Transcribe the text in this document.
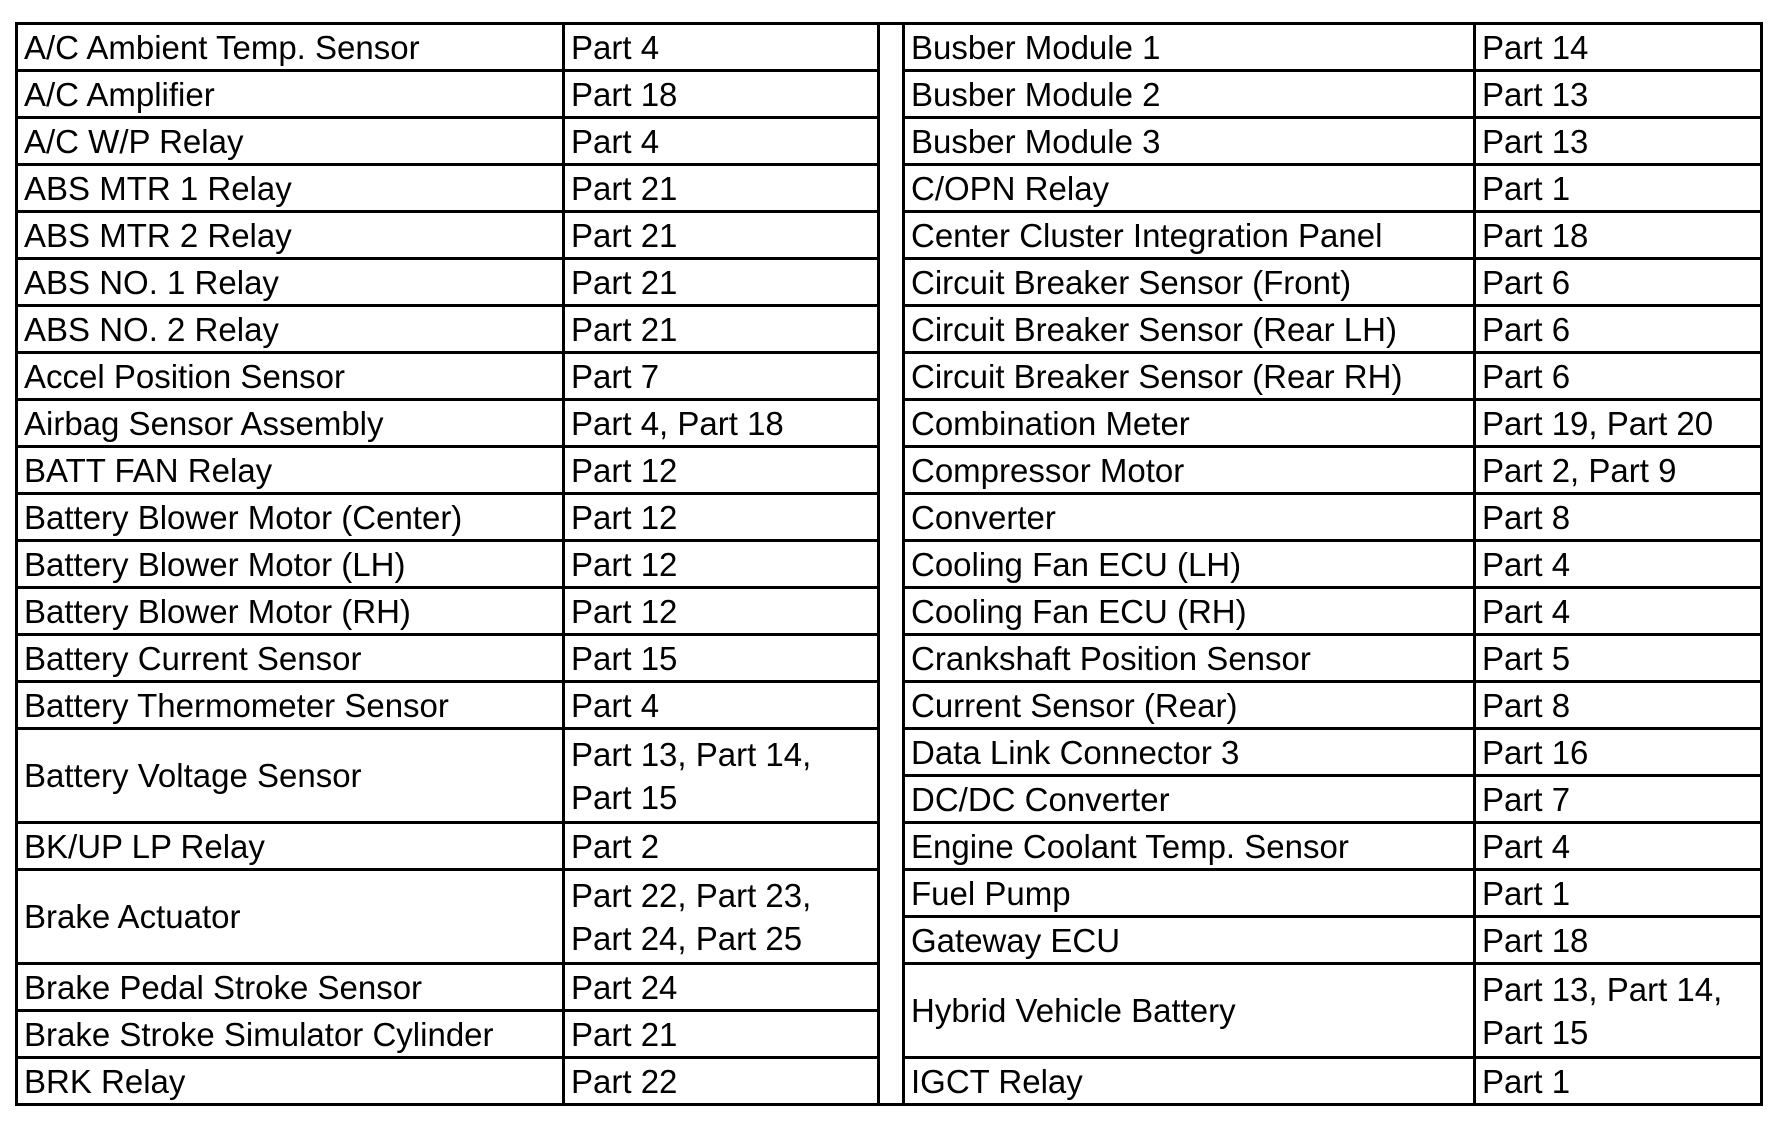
A/C Ambient Temp. Sensor	Part 4
A/C Amplifier	Part 18
A/C W/P Relay	Part 4
ABS MTR 1 Relay	Part 21
ABS MTR 2 Relay	Part 21
ABS NO. 1 Relay	Part 21
ABS NO. 2 Relay	Part 21
Accel Position Sensor	Part 7
Airbag Sensor Assembly	Part 4, Part 18
BATT FAN Relay	Part 12
Battery Blower Motor (Center)	Part 12
Battery Blower Motor (LH)	Part 12
Battery Blower Motor (RH)	Part 12
Battery Current Sensor	Part 15
Battery Thermometer Sensor	Part 4
Battery Voltage Sensor	Part 13, Part 14, Part 15
BK/UP LP Relay	Part 2
Brake Actuator	Part 22, Part 23, Part 24, Part 25
Brake Pedal Stroke Sensor	Part 24
Brake Stroke Simulator Cylinder	Part 21
BRK Relay	Part 22
Busber Module 1	Part 14
Busber Module 2	Part 13
Busber Module 3	Part 13
C/OPN Relay	Part 1
Center Cluster Integration Panel	Part 18
Circuit Breaker Sensor (Front)	Part 6
Circuit Breaker Sensor (Rear LH)	Part 6
Circuit Breaker Sensor (Rear RH)	Part 6
Combination Meter	Part 19, Part 20
Compressor Motor	Part 2, Part 9
Converter	Part 8
Cooling Fan ECU (LH)	Part 4
Cooling Fan ECU (RH)	Part 4
Crankshaft Position Sensor	Part 5
Current Sensor (Rear)	Part 8
Data Link Connector 3	Part 16
DC/DC Converter	Part 7
Engine Coolant Temp. Sensor	Part 4
Fuel Pump	Part 1
Gateway ECU	Part 18
Hybrid Vehicle Battery	Part 13, Part 14, Part 15
IGCT Relay	Part 1
